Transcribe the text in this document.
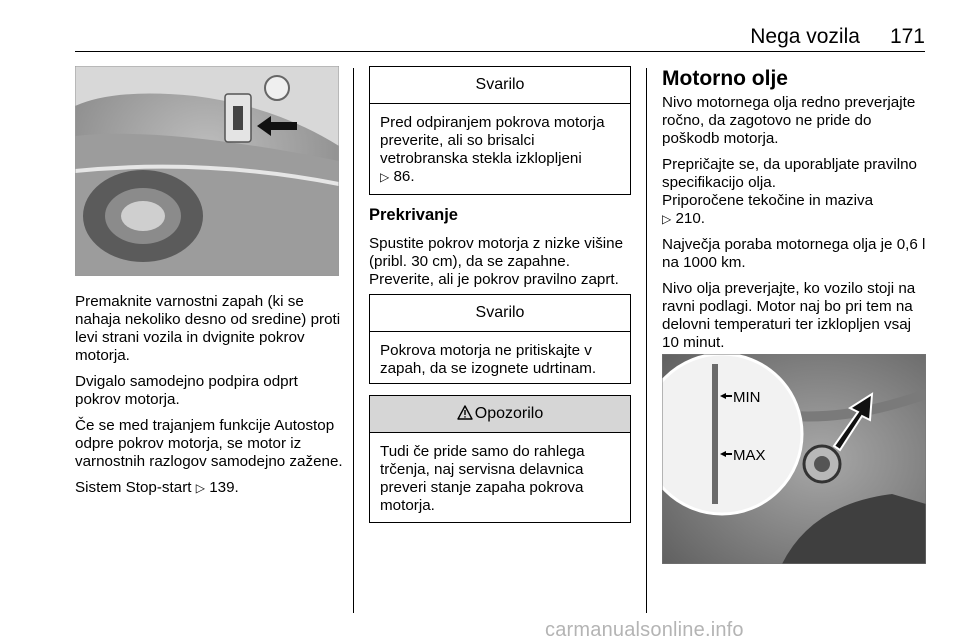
Nega vozila 171

Premaknite varnostni zapah (ki se nahaja nekoliko desno od sredine) proti levi strani vozila in dvignite pokrov motorja.

Dvigalo samodejno podpira odprt pokrov motorja.

Če se med trajanjem funkcije Autostop odpre pokrov motorja, se motor iz varnostnih razlogov samodejno zažene.

Sistem Stop-start ▷ 139.

Svarilo
Pred odpiranjem pokrova motorja preverite, ali so brisalci vetrobranska stekla izklopljeni
▷ 86.
Prekrivanje
Spustite pokrov motorja z nizke višine (pribl. 30 cm), da se zapahne. Preverite, ali je pokrov pravilno zaprt.
Svarilo
Pokrova motorja ne pritiskajte v zapah, da se izognete udrtinam.
Opozorilo
Tudi če pride samo do rahlega trčenja, naj servisna delavnica preveri stanje zapaha pokrova motorja.
Motorno olje

Nivo motornega olja redno preverjajte ročno, da zagotovo ne pride do poškodb motorja.

Prepričajte se, da uporabljate pravilno specifikacijo olja.
Priporočene tekočine in maziva
▷ 210.

Največja poraba motornega olja je 0,6 l na 1000 km.

Nivo olja preverjajte, ko vozilo stoji na ravni podlagi. Motor naj bo pri tem na delovni temperaturi ter izklopljen vsaj 10 minut.

MIN
MAX
carmanualsonline.info
